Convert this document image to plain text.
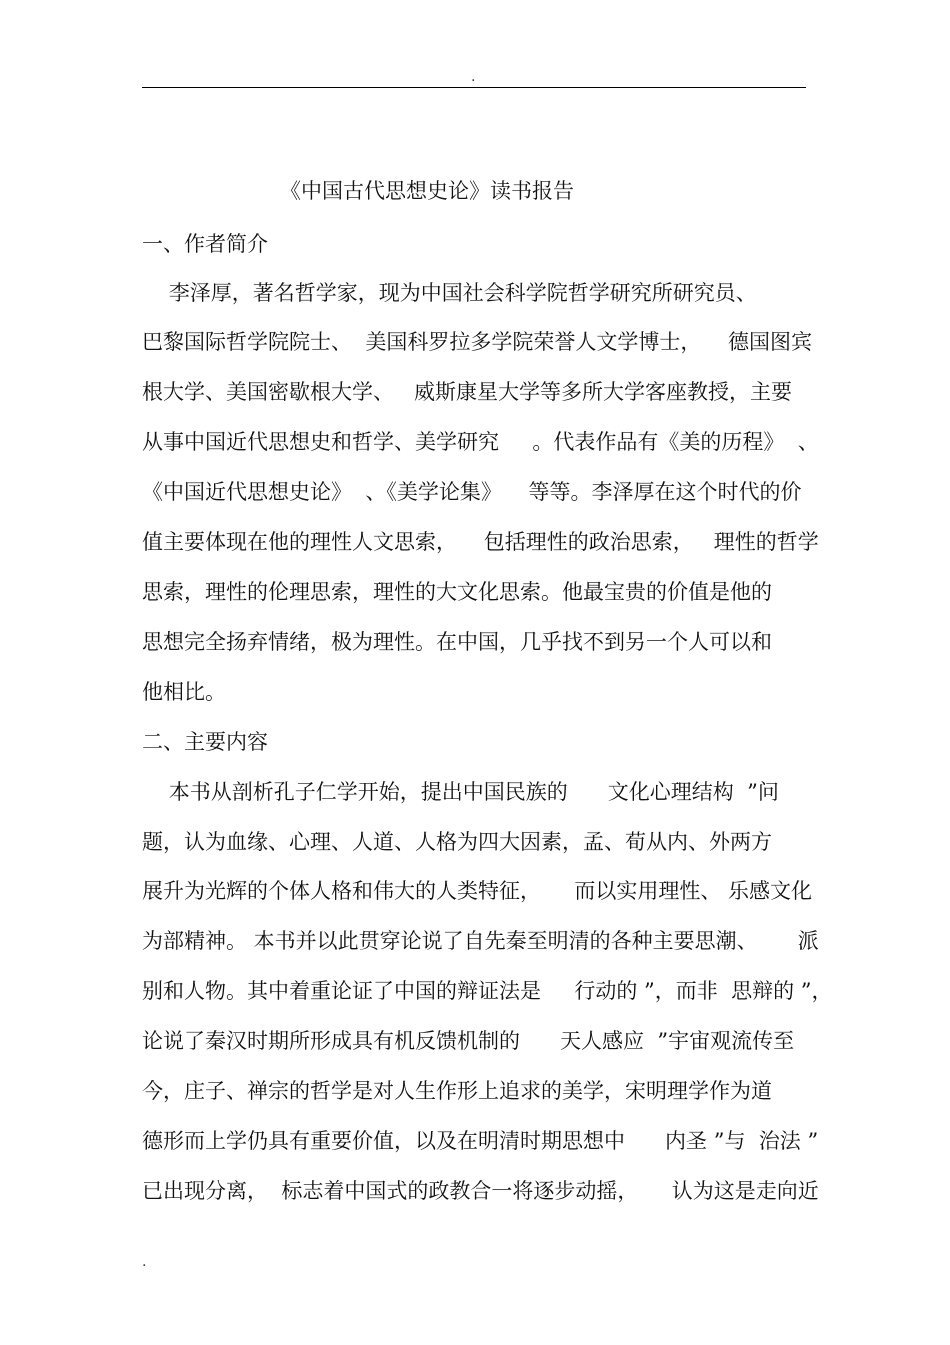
.
《中国古代思想史论》读书报告
一、作者简介
李泽厚，著名哲学家，现为中国社会科学院哲学研究所研究员、
巴黎国际哲学院院士、  美国科罗拉多学院荣誉人文学博士，    德国图宾
根大学、美国密歇根大学、   威斯康星大学等多所大学客座教授，主要
从事中国近代思想史和哲学、美学研究     。代表作品有《美的历程》  、
《中国近代思想史论》  、《美学论集》    等等。李泽厚在这个时代的价
值主要体现在他的理性人文思索，    包括理性的政治思索，   理性的哲学
思索，理性的伦理思索，理性的大文化思索。他最宝贵的价值是他的
思想完全扬弃情绪，极为理性。在中国，几乎找不到另一个人可以和
他相比。
二、主要内容
本书从剖析孔子仁学开始，提出中国民族的      文化心理结构  ”问
题，认为血缘、心理、人道、人格为四大因素，孟、荀从内、外两方
展升为光辉的个体人格和伟大的人类特征，     而以实用理性、 乐感文化
为部精神。 本书并以此贯穿论说了自先秦至明清的各种主要思潮、      派
别和人物。其中着重论证了中国的辩证法是     行动的 ”，而非  思辩的 ”，
论说了秦汉时期所形成具有机反馈机制的      天人感应  ”宇宙观流传至
今，庄子、禅宗的哲学是对人生作形上追求的美学，宋明理学作为道
德形而上学仍具有重要价值，以及在明清时期思想中      内圣 ”与  治法 ”
已出现分离，  标志着中国式的政教合一将逐步动摇，     认为这是走向近
.
